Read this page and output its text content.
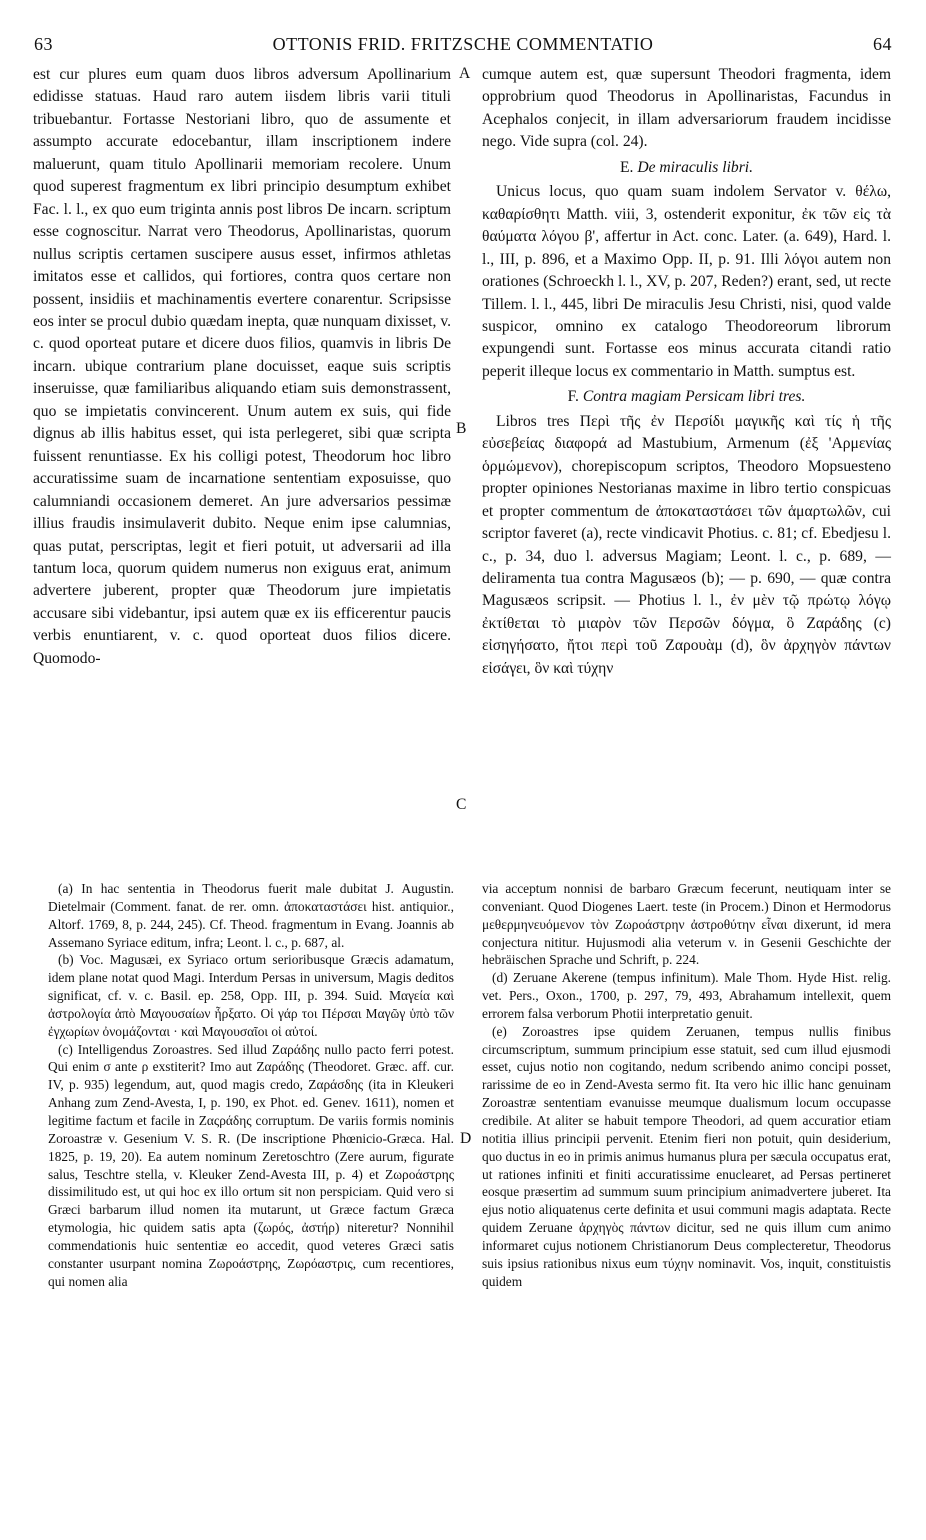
63	OTTONIS FRID. FRITZSCHE COMMENTATIO	64

est cur plures eum quam duos libros adversum Apollinarium edidisse statuas. Haud raro autem iisdem libris varii tituli tribuebantur. Fortasse Nestoriani libro, quo de assumente et assumpto accurate edocebantur, illam inscriptionem indere maluerunt, quam titulo Apollinarii memoriam recolere. Unum quod superest fragmentum ex libri principio desumptum exhibet Fac. l. l., ex quo eum triginta annis post libros De incarn. scriptum esse cognoscitur. Narrat vero Theodorus, Apollinaristas, quorum nullus scriptis certamen suscipere ausus esset, infirmos athletas imitatos esse et callidos, qui fortiores, contra quos certare non possent, insidiis et machinamentis evertere conarentur. Scripsisse eos inter se procul dubio quædam inepta, quæ nunquam dixisset, v. c. quod oporteat putare et dicere duos filios, quamvis in libris De incarn. ubique contrarium plane docuisset, eaque suis scriptis inseruisse, quæ familiaribus aliquando etiam suis demonstrassent, quo se impietatis convincerent. Unum autem ex suis, qui fide dignus ab illis habitus esset, qui ista perlegeret, sibi quæ scripta fuissent renuntiasse. Ex his colligi potest, Theodorum hoc libro accuratissime suam de incarnatione sententiam exposuisse, quo calumniandi occasionem demeret. An jure adversarios pessimæ illius fraudis insimulaverit dubito. Neque enim ipse calumnias, quas putat, perscriptas, legit et fieri potuit, ut adversarii ad illa tantum loca, quorum quidem numerus non exiguus erat, animum advertere juberent, propter quæ Theodorum jure impietatis accusare sibi videbantur, ipsi autem quæ ex iis efficerentur paucis verbis enuntiarent, v. c. quod oporteat duos filios dicere. Quomodo-

cumque autem est, quæ supersunt Theodori fragmenta, idem opprobrium quod Theodorus in Apollinaristas, Facundus in Acephalos conjecit, in illam adversariorum fraudem incidisse nego. Vide supra (col. 24).

E. De miraculis libri.

Unicus locus, quo quam suam indolem Servator v. θέλω, καθαρίσθητι Matth. viii, 3, ostenderit exponitur, ἐκ τῶν εἰς τὰ θαύματα λόγου β', affertur in Act. conc. Later. (a. 649), Hard. l. l., III, p. 896, et a Maximo Opp. II, p. 91. Illi λόγοι autem non orationes (Schroeckh l. l., XV, p. 207, Reden?) erant, sed, ut recte Tillem. l. l., 445, libri De miraculis Jesu Christi, nisi, quod valde suspicor, omnino ex catalogo Theodoreorum librorum expungendi sunt. Fortasse eos minus accurata citandi ratio peperit illeque locus ex commentario in Matth. sumptus est.

F. Contra magiam Persicam libri tres.

Libros tres Περὶ τῆς ἐν Περσίδι μαγικῆς καὶ τίς ἡ τῆς εὐσεβείας διαφορά ad Mastubium, Armenum (ἐξ 'Αρμενίας ὁρμώμενον), chorepiscopum scriptos, Theodoro Mopsuesteno propter opiniones Nestorianas maxime in libro tertio conspicuas et propter commentum de ἀποκαταστάσει τῶν ἁμαρτωλῶν, cui scriptor faveret (a), recte vindicavit Photius. c. 81; cf. Ebedjesu l. c., p. 34, duo l. adversus Magiam; Leont. l. c., p. 689, — deliramenta tua contra Magusæos (b); — p. 690, — quæ contra Magusæos scripsit. — Photius l. l., ἐν μὲν τῷ πρώτῳ λόγῳ ἐκτίθεται τὸ μιαρὸν τῶν Περσῶν δόγμα, ὃ Ζαράδης (c) εἰσηγήσατο, ἤτοι περὶ τοῦ Ζαρουὰμ (d), ὃν ἀρχηγὸν πάντων εἰσάγει, ὃν καὶ τύχην

A
B
C
D

(a) In hac sententia in Theodorus fuerit male dubitat J. Augustin. Dietelmair (Comment. fanat. de rer. omn. ἀποκαταστάσει hist. antiquior., Altorf. 1769, 8, p. 244, 245). Cf. Theod. fragmentum in Evang. Joannis ab Assemano Syriace editum, infra; Leont. l. c., p. 687, al.

(b) Voc. Magusæi, ex Syriaco ortum serioribusque Græcis adamatum, idem plane notat quod Magi. Interdum Persas in universum, Magis deditos significat, cf. v. c. Basil. ep. 258, Opp. III, p. 394. Suid. Μαγεία καὶ ἀστρολογία ἀπὸ Μαγουσαίων ἦρξατο. Οἱ γάρ τοι Πέρσαι Μαγῶγ ὑπὸ τῶν ἐγχωρίων ὀνομάζονται · καὶ Μαγουσαῖοι οἱ αὐτοί.

(c) Intelligendus Zoroastres. Sed illud Ζαράδης nullo pacto ferri potest. Qui enim σ ante ρ exstiterit? Imo aut Ζαράδης (Theodoret. Græc. aff. cur. IV, p. 935) legendum, aut, quod magis credo, Ζαράσδης (ita in Kleukeri Anhang zum Zend-Avesta, I, p. 190, ex Phot. ed. Genev. 1611), nomen et legitime factum et facile in Ζαςράδης corruptum. De variis formis nominis Zoroastræ v. Gesenium V. S. R. (De inscriptione Phœnicio-Græca. Hal. 1825, p. 19, 20). Ea autem nominum Zeretoschtro (Zere aurum, figurate salus, Teschtre stella, v. Kleuker Zend-Avesta III, p. 4) et Ζωροάστρης dissimilitudo est, ut qui hoc ex illo ortum sit non perspiciam. Quid vero si Græci barbarum illud nomen ita mutarunt, ut Græce factum Græca etymologia, hic quidem satis apta (ζωρός, ἀστήρ) niteretur? Nonnihil commendationis huic sententiæ eo accedit, quod veteres Græci satis constanter usurpant nomina Ζωροάστρης, Ζωρόαστρις, cum recentiores, qui nomen alia

via acceptum nonnisi de barbaro Græcum fecerunt, neutiquam inter se conveniant. Quod Diogenes Laert. teste (in Procem.) Dinon et Hermodorus μεθερμηνευόμενον τὸν Ζωροάστρην ἀστροθύτην εἶναι dixerunt, id mera conjectura nititur. Hujusmodi alia veterum v. in Gesenii Geschichte der hebräischen Sprache und Schrift, p. 224.

(d) Zeruane Akerene (tempus infinitum). Male Thom. Hyde Hist. relig. vet. Pers., Oxon., 1700, p. 297, 79, 493, Abrahamum intellexit, quem errorem falsa verborum Photii interpretatio genuit.

(e) Zoroastres ipse quidem Zeruanen, tempus nullis finibus circumscriptum, summum principium esse statuit, sed cum illud ejusmodi esset, cujus notio non cogitando, nedum scribendo animo concipi posset, rarissime de eo in Zend-Avesta sermo fit. Ita vero hic illic hanc genuinam Zoroastræ sententiam evanuisse meumque dualismum locum occupasse credibile. At aliter se habuit tempore Theodori, ad quem accuratior etiam notitia illius principii pervenit. Etenim fieri non potuit, quin desiderium, quo ductus in eo in primis animus humanus plura per sæcula occupatus erat, ut rationes infiniti et finiti accuratissime enuclearet, ad Persas pertineret eosque præsertim ad summum suum principium animadvertere juberet. Ita ejus notio aliquatenus certe definita et usui communi magis adaptata. Recte quidem Zeruane ἀρχηγὸς πάντων dicitur, sed ne quis illum cum animo informaret cujus notionem Christianorum Deus complecteretur, Theodorus suis ipsius rationibus nixus eum τύχην nominavit. Vos, inquit, constituistis quidem
